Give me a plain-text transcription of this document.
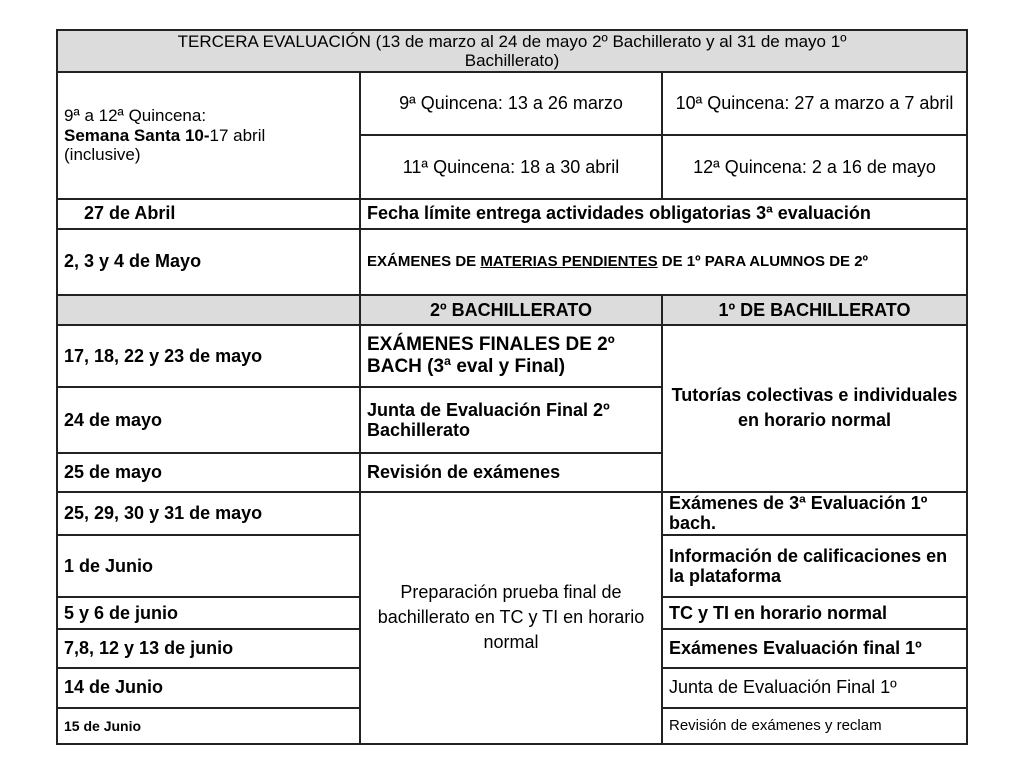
TERCERA EVALUACIÓN (13 de marzo al 24 de mayo 2º Bachillerato y al 31 de mayo 1º
Bachillerato)		
9ª a 12ª Quincena:
Semana Santa 10-17 abril
(inclusive)	9ª Quincena: 13 a 26 marzo	10ª Quincena: 27 a marzo a 7 abril
	11ª Quincena: 18 a 30 abril	12ª Quincena: 2 a 16 de mayo
27 de Abril	Fecha límite entrega actividades obligatorias 3ª evaluación	
2, 3 y 4 de Mayo	EXÁMENES DE MATERIAS PENDIENTES DE 1º PARA ALUMNOS DE 2º	
	2º BACHILLERATO	1º DE BACHILLERATO
17, 18, 22 y 23 de mayo	EXÁMENES FINALES DE 2º BACH (3ª eval y Final)	Tutorías colectivas e individuales en horario normal
24 de mayo	Junta de Evaluación Final 2º Bachillerato	
25 de mayo	Revisión de exámenes	
25, 29, 30 y 31 de mayo	Preparación prueba final de bachillerato en TC y TI en horario normal	Exámenes de 3ª Evaluación 1º bach.
1 de Junio		Información de calificaciones en la plataforma
5 y 6 de junio		TC y TI en horario normal
7,8, 12 y 13 de junio		Exámenes Evaluación final 1º
14 de Junio		Junta de Evaluación Final 1º
15 de Junio		Revisión de exámenes y reclam
